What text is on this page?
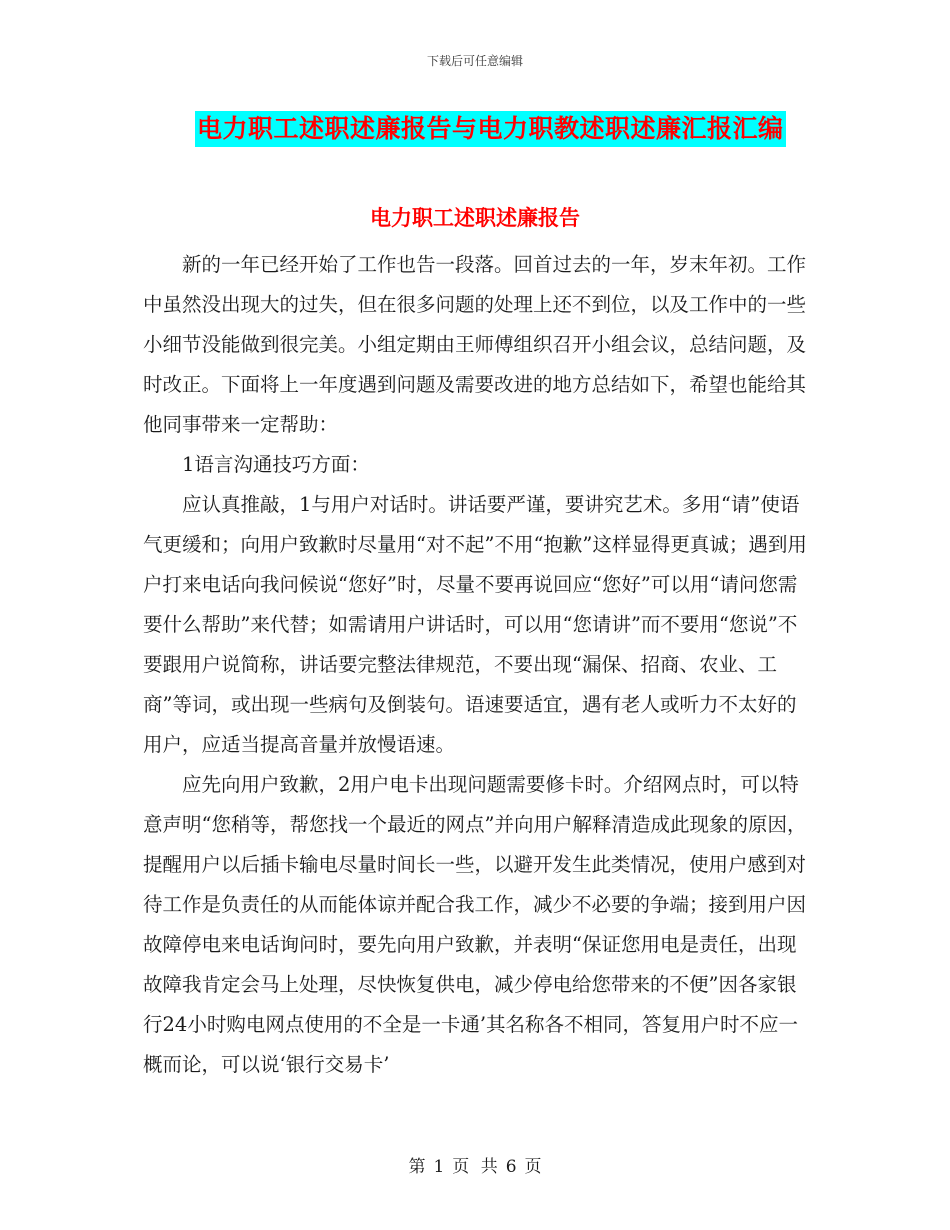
下载后可任意编辑
电力职工述职述廉报告与电力职教述职述廉汇报汇编
电力职工述职述廉报告

新的一年已经开始了工作也告一段落。回首过去的一年，岁末年初。工作中虽然没出现大的过失，但在很多问题的处理上还不到位，以及工作中的一些小细节没能做到很完美。小组定期由王师傅组织召开小组会议，总结问题，及时改正。下面将上一年度遇到问题及需要改进的地方总结如下，希望也能给其他同事带来一定帮助：

1语言沟通技巧方面：

应认真推敲，1与用户对话时。讲话要严谨，要讲究艺术。多用“请”使语气更缓和；向用户致歉时尽量用“对不起”不用“抱歉”这样显得更真诚；遇到用户打来电话向我问候说“您好”时，尽量不要再说回应“您好”可以用“请问您需要什么帮助”来代替；如需请用户讲话时，可以用“您请讲”而不要用“您说”不要跟用户说简称，讲话要完整法律规范，不要出现“漏保、招商、农业、工商”等词，或出现一些病句及倒装句。语速要适宜，遇有老人或听力不太好的用户，应适当提高音量并放慢语速。

应先向用户致歉，2用户电卡出现问题需要修卡时。介绍网点时，可以特意声明“您稍等，帮您找一个最近的网点”并向用户解释清造成此现象的原因，提醒用户以后插卡输电尽量时间长一些，以避开发生此类情况，使用户感到对待工作是负责任的从而能体谅并配合我工作，减少不必要的争端；接到用户因故障停电来电话询问时，要先向用户致歉，并表明“保证您用电是责任，出现故障我肯定会马上处理，尽快恢复供电，减少停电给您带来的不便”因各家银行24小时购电网点使用的不全是一卡通’其名称各不相同，答复用户时不应一概而论，可以说‘银行交易卡’

第 1 页 共 6 页
